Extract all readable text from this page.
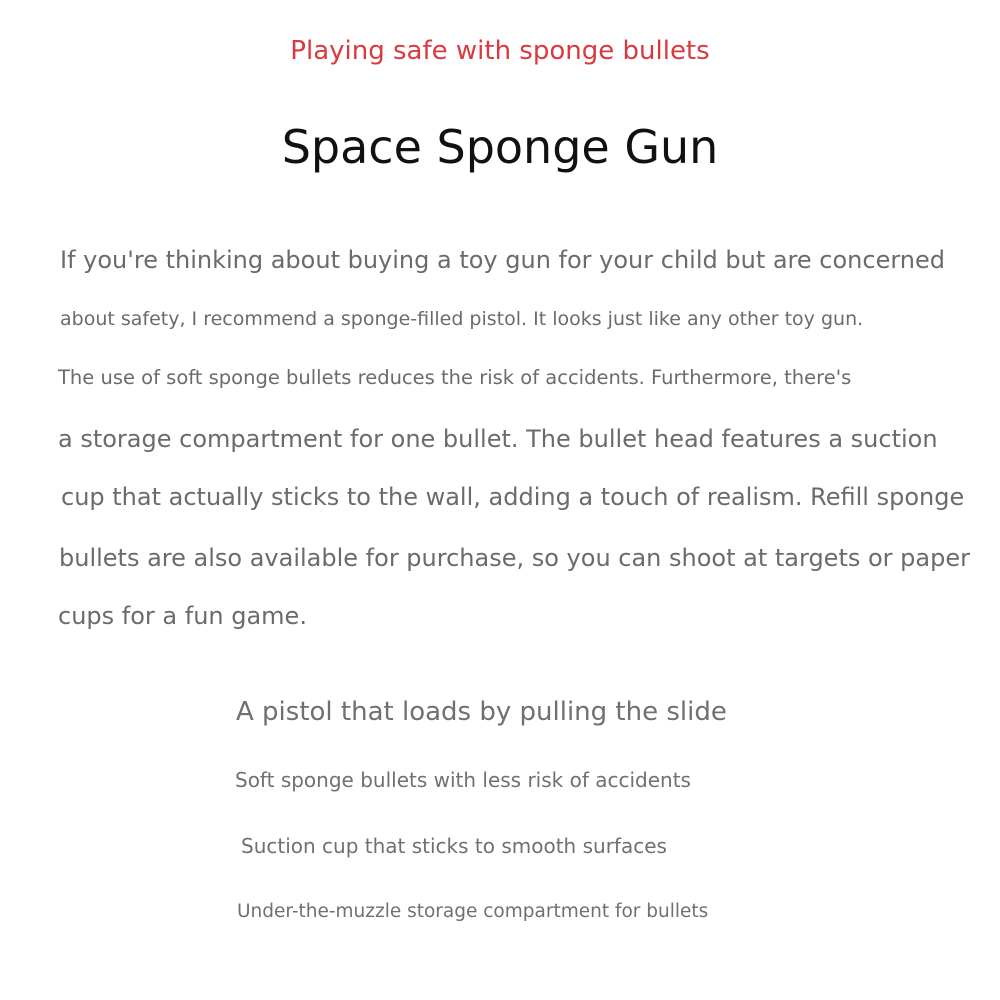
Playing safe with sponge bullets
Space Sponge Gun
If you're thinking about buying a toy gun for your child but are concerned
about safety, I recommend a sponge-filled pistol. It looks just like any other toy gun.
The use of soft sponge bullets reduces the risk of accidents. Furthermore, there's
a storage compartment for one bullet. The bullet head features a suction
cup that actually sticks to the wall, adding a touch of realism. Refill sponge
bullets are also available for purchase, so you can shoot at targets or paper
cups for a fun game.
A pistol that loads by pulling the slide
Soft sponge bullets with less risk of accidents
Suction cup that sticks to smooth surfaces
Under-the-muzzle storage compartment for bullets
